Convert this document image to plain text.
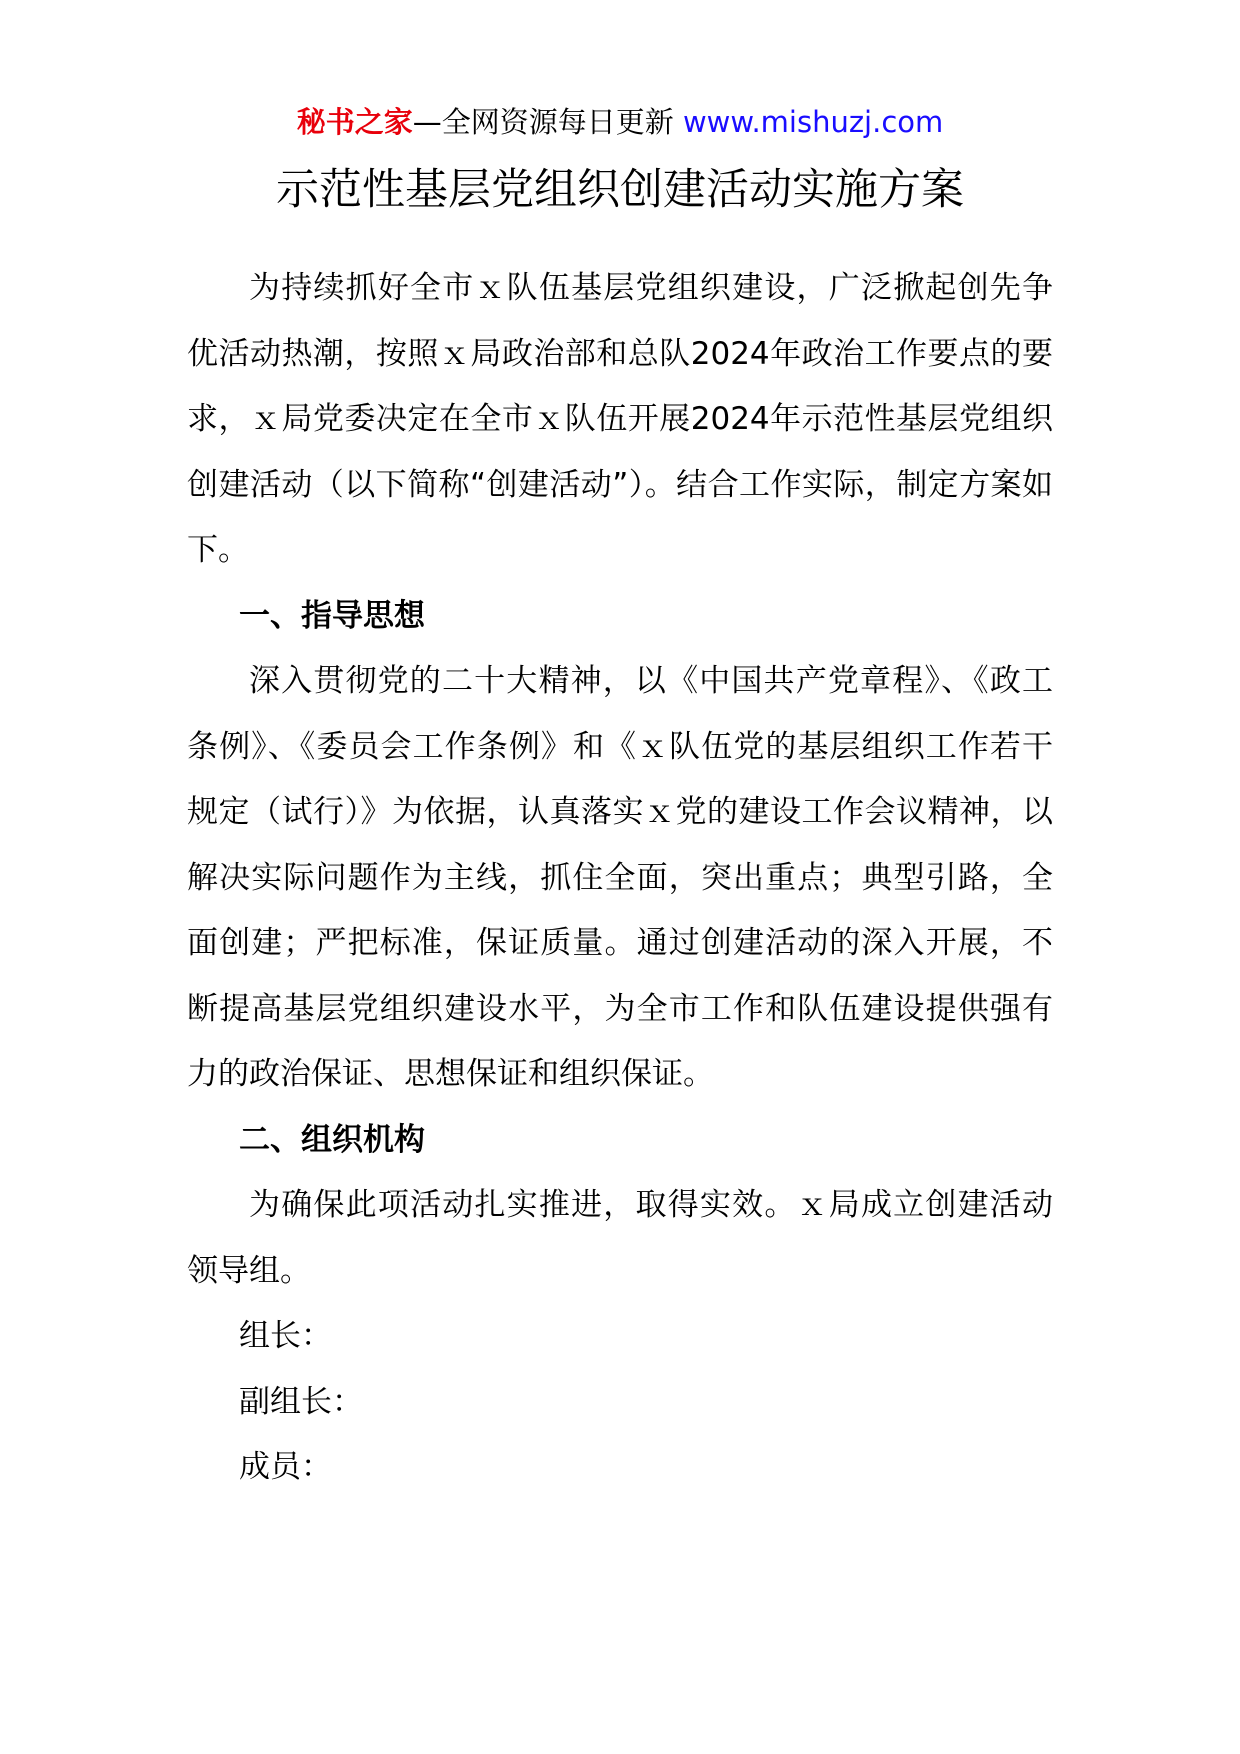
秘书之家—全网资源每日更新 www.mishuzj.com
示范性基层党组织创建活动实施方案

为持续抓好全市ｘ队伍基层党组织建设，广泛掀起创先争优活动热潮，按照ｘ局政治部和总队2024年政治工作要点的要求，ｘ局党委决定在全市ｘ队伍开展2024年示范性基层党组织创建活动（以下简称“创建活动”）。结合工作实际，制定方案如下。

一、指导思想

深入贯彻党的二十大精神，以《中国共产党章程》、《政工条例》、《委员会工作条例》和《ｘ队伍党的基层组织工作若干规定（试行）》为依据，认真落实ｘ党的建设工作会议精神，以解决实际问题作为主线，抓住全面，突出重点；典型引路，全面创建；严把标准，保证质量。通过创建活动的深入开展，不断提高基层党组织建设水平，为全市工作和队伍建设提供强有力的政治保证、思想保证和组织保证。

二、组织机构

为确保此项活动扎实推进，取得实效。ｘ局成立创建活动领导组。

组长：

副组长：

成员：
